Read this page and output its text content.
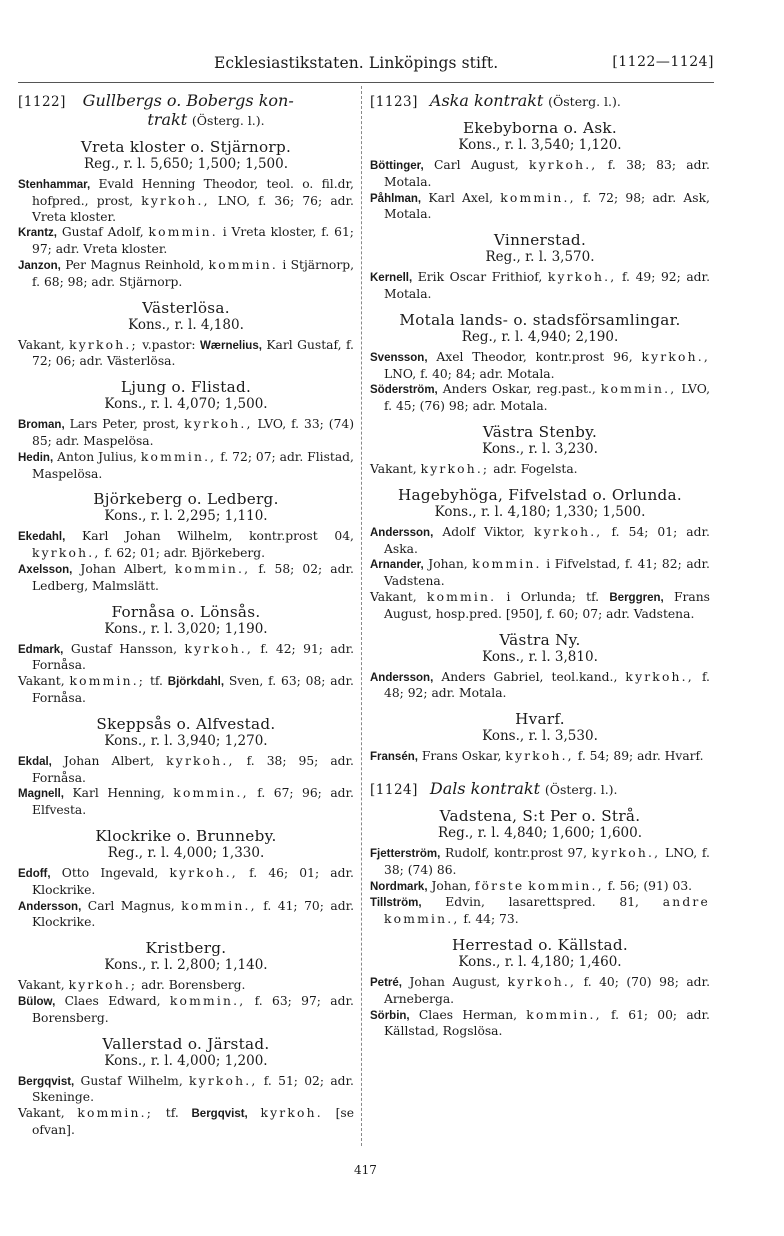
Ecklesiastikstaten. Linköpings stift.	[1122—1124]
[1122] Gullbergs o. Bobergs kon-
trakt (Österg. l.).
Vreta kloster o. Stjärnorp.
Reg., r. l. 5,650; 1,500; 1,500.

Stenhammar, Evald Henning Theodor, teol. o. fil.dr, hofpred., prost, kyrkoh., LNO, f. 36; 76; adr. Vreta kloster.

Krantz, Gustaf Adolf, kommin. i Vreta kloster, f. 61; 97; adr. Vreta kloster.

Janzon, Per Magnus Reinhold, kommin. i Stjärnorp, f. 68; 98; adr. Stjärnorp.

Västerlösa.
Kons., r. l. 4,180.

Vakant, kyrkoh.; v.pastor: Wærnelius, Karl Gustaf, f. 72; 06; adr. Västerlösa.

Ljung o. Flistad.
Kons., r. l. 4,070; 1,500.

Broman, Lars Peter, prost, kyrkoh., LVO, f. 33; (74) 85; adr. Maspelösa.

Hedin, Anton Julius, kommin., f. 72; 07; adr. Flistad, Maspelösa.

Björkeberg o. Ledberg.
Kons., r. l. 2,295; 1,110.

Ekedahl, Karl Johan Wilhelm, kontr.prost 04, kyrkoh., f. 62; 01; adr. Björkeberg.

Axelsson, Johan Albert, kommin., f. 58; 02; adr. Ledberg, Malmslätt.

Fornåsa o. Lönsås.
Kons., r. l. 3,020; 1,190.

Edmark, Gustaf Hansson, kyrkoh., f. 42; 91; adr. Fornåsa.

Vakant, kommin.; tf. Björkdahl, Sven, f. 63; 08; adr. Fornåsa.

Skeppsås o. Alfvestad.
Kons., r. l. 3,940; 1,270.

Ekdal, Johan Albert, kyrkoh., f. 38; 95; adr. Fornåsa.

Magnell, Karl Henning, kommin., f. 67; 96; adr. Elfvesta.

Klockrike o. Brunneby.
Reg., r. l. 4,000; 1,330.

Edoff, Otto Ingevald, kyrkoh., f. 46; 01; adr. Klockrike.

Andersson, Carl Magnus, kommin., f. 41; 70; adr. Klockrike.

Kristberg.
Kons., r. l. 2,800; 1,140.

Vakant, kyrkoh.; adr. Borensberg.

Bülow, Claes Edward, kommin., f. 63; 97; adr. Borensberg.

Vallerstad o. Järstad.
Kons., r. l. 4,000; 1,200.

Bergqvist, Gustaf Wilhelm, kyrkoh., f. 51; 02; adr. Skeninge.

Vakant, kommin.; tf. Bergqvist, kyrkoh. [se ofvan].

[1123] Aska kontrakt (Österg. l.).
Ekebyborna o. Ask.
Kons., r. l. 3,540; 1,120.

Böttinger, Carl August, kyrkoh., f. 38; 83; adr. Motala.

Påhlman, Karl Axel, kommin., f. 72; 98; adr. Ask, Motala.

Vinnerstad.
Reg., r. l. 3,570.

Kernell, Erik Oscar Frithiof, kyrkoh., f. 49; 92; adr. Motala.

Motala lands- o. stadsförsamlingar.
Reg., r. l. 4,940; 2,190.

Svensson, Axel Theodor, kontr.prost 96, kyrkoh., LNO, f. 40; 84; adr. Motala.

Söderström, Anders Oskar, reg.past., kommin., LVO, f. 45; (76) 98; adr. Motala.

Västra Stenby.
Kons., r. l. 3,230.

Vakant, kyrkoh.; adr. Fogelsta.

Hagebyhöga, Fifvelstad o. Orlunda.
Kons., r. l. 4,180; 1,330; 1,500.

Andersson, Adolf Viktor, kyrkoh., f. 54; 01; adr. Aska.

Arnander, Johan, kommin. i Fifvelstad, f. 41; 82; adr. Vadstena.

Vakant, kommin. i Orlunda; tf. Berggren, Frans August, hosp.pred. [950], f. 60; 07; adr. Vadstena.

Västra Ny.
Kons., r. l. 3,810.

Andersson, Anders Gabriel, teol.kand., kyrkoh., f. 48; 92; adr. Motala.

Hvarf.
Kons., r. l. 3,530.

Fransén, Frans Oskar, kyrkoh., f. 54; 89; adr. Hvarf.

[1124] Dals kontrakt (Österg. l.).
Vadstena, S:t Per o. Strå.
Reg., r. l. 4,840; 1,600; 1,600.

Fjetterström, Rudolf, kontr.prost 97, kyrkoh., LNO, f. 38; (74) 86.

Nordmark, Johan, förste kommin., f. 56; (91) 03.

Tillström, Edvin, lasarettspred. 81, andre kommin., f. 44; 73.

Herrestad o. Källstad.
Kons., r. l. 4,180; 1,460.

Petré, Johan August, kyrkoh., f. 40; (70) 98; adr. Arneberga.

Sörbin, Claes Herman, kommin., f. 61; 00; adr. Källstad, Rogslösa.

417
